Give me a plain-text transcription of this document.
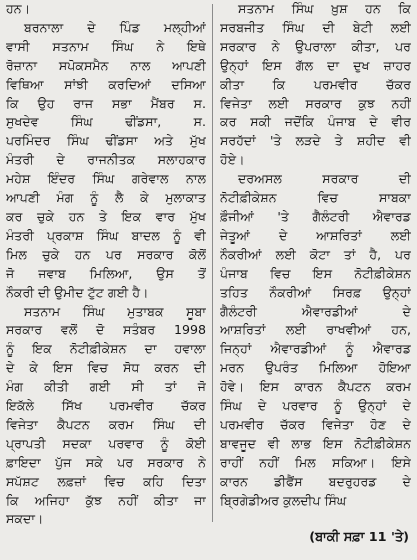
ਹਨ।
ਬਰਨਾਲਾ ਦੇ ਪਿੰਡ ਮਲ੍ਹੀਆਂ
ਵਾਸੀ ਸਤਨਾਮ ਸਿੰਘ ਨੇ ਇਥੇ
ਰੋਜ਼ਾਨਾ ਸਪੋਕਸਮੈਨ ਨਾਲ ਆਪਣੀ
ਵਿਥਿਆ ਸਾਂਝੀ ਕਰਦਿਆਂ ਦਸਿਆ
ਕਿ ਉਹ ਰਾਜ ਸਭਾ ਮੈਂਬਰ ਸ.
ਸੁਖਦੇਵ ਸਿੰਘ ਢੀਂਡਸਾ, ਸ.
ਪਰਮਿੰਦਰ ਸਿੰਘ ਢੀਂਡਸਾ ਅਤੇ ਮੁੱਖ
ਮੰਤਰੀ ਦੇ ਰਾਜਨੀਤਕ ਸਲਾਹਕਾਰ
ਮਹੇਸ਼ ਇੰਦਰ ਸਿੰਘ ਗਰੇਵਾਲ ਨਾਲ
ਆਪਣੀ ਮੰਗ ਨੂੰ ਲੈ ਕੇ ਮੁਲਾਕਾਤ
ਕਰ ਚੁਕੇ ਹਨ ਤੇ ਇਕ ਵਾਰ ਮੁੱਖ
ਮੰਤਰੀ ਪ੍ਰਕਾਸ਼ ਸਿੰਘ ਬਾਦਲ ਨੂੰ ਵੀ
ਮਿਲ ਚੁਕੇ ਹਨ ਪਰ ਸਰਕਾਰ ਕੋਲੋਂ
ਜੋ ਜਵਾਬ ਮਿਲਿਆ, ਉਸ ਤੋਂ
ਨੌਕਰੀ ਦੀ ਉਮੀਦ ਟੁੱਟ ਗਈ ਹੈ।
ਸਤਨਾਮ ਸਿੰਘ ਮੁਤਾਬਕ ਸੂਬਾ
ਸਰਕਾਰ ਵਲੋਂ ਦੋ ਸਤੰਬਰ 1998
ਨੂੰ ਇਕ ਨੋਟੀਫ਼ੀਕੇਸ਼ਨ ਦਾ ਹਵਾਲਾ
ਦੇ ਕੇ ਇਸ ਵਿਚ ਸੋਧ ਕਰਨ ਦੀ
ਮੰਗ ਕੀਤੀ ਗਈ ਸੀ ਤਾਂ ਜੋ
ਇਕੱਲੇ ਸਿੱਖ ਪਰਮਵੀਰ ਚੱਕਰ
ਵਿਜੇਤਾ ਕੈਪਟਨ ਕਰਮ ਸਿੰਘ ਦੀ
ਪ੍ਰਾਪਤੀ ਸਦਕਾ ਪਰਵਾਰ ਨੂੰ ਕੋਈ
ਫ਼ਾਇਦਾ ਪੁੱਜ ਸਕੇ ਪਰ ਸਰਕਾਰ ਨੇ
ਸਪੱਸ਼ਟ ਲਫ਼ਜ਼ਾਂ ਵਿਚ ਕਹਿ ਦਿਤਾ
ਕਿ ਅਜਿਹਾ ਕੁੱਝ ਨਹੀਂ ਕੀਤਾ ਜਾ
ਸਕਦਾ।
ਸਤਨਾਮ ਸਿੰਘ ਖ਼ੁਸ਼ ਹਨ ਕਿ
ਸਰਬਜੀਤ ਸਿੰਘ ਦੀ ਬੇਟੀ ਲਈ
ਸਰਕਾਰ ਨੇ ਉਪਰਾਲਾ ਕੀਤਾ, ਪਰ
ਉਨ੍ਹਾਂ ਇਸ ਗੱਲ ਦਾ ਦੁਖ ਜ਼ਾਹਰ
ਕੀਤਾ ਕਿ ਪਰਮਵੀਰ ਚੱਕਰ
ਵਿਜੇਤਾ ਲਈ ਸਰਕਾਰ ਕੁਝ ਨਹੀਂ
ਕਰ ਸਕੀ ਜਦੋਂਕਿ ਪੰਜਾਬ ਦੇ ਵੀਰ
ਸਰਹੱਦਾਂ 'ਤੇ ਲੜਦੇ ਤੇ ਸ਼ਹੀਦ ਵੀ
ਹੋਏ।
ਦਰਅਸਲ ਸਰਕਾਰ ਦੀ
ਨੋਟੀਫ਼ੀਕੇਸ਼ਨ ਵਿਚ ਸਾਬਕਾ
ਫ਼ੌਜੀਆਂ 'ਤੇ ਗੈਲੰਟਰੀ ਐਵਾਰਡ
ਜੇਤੂਆਂ ਦੇ ਆਸ਼ਰਿਤਾਂ ਲਈ
ਨੌਕਰੀਆਂ ਲਈ ਕੋਟਾ ਤਾਂ ਹੈ, ਪਰ
ਪੰਜਾਬ ਵਿਚ ਇਸ ਨੋਟੀਫ਼ੀਕੇਸ਼ਨ
ਤਹਿਤ ਨੌਕਰੀਆਂ ਸਿਰਫ਼ ਉਨ੍ਹਾਂ
ਗੈਲੰਟਰੀ ਐਵਾਰਡੀਆਂ ਦੇ
ਆਸ਼ਰਿਤਾਂ ਲਈ ਰਾਖਵੀਆਂ ਹਨ,
ਜਿਨ੍ਹਾਂ ਐਵਾਰਡੀਆਂ ਨੂੰ ਐਵਾਰਡ
ਮਰਨ ਉਪਰੰਤ ਮਿਲਿਆ ਹੋਇਆ
ਹੋਵੇ। ਇਸ ਕਾਰਨ ਕੈਪਟਨ ਕਰਮ
ਸਿੰਘ ਦੇ ਪਰਵਾਰ ਨੂੰ ਉਨ੍ਹਾਂ ਦੇ
ਪਰਮਵੀਰ ਚੱਕਰ ਵਿਜੇਤਾ ਹੋਣ ਦੇ
ਬਾਵਜੂਦ ਵੀ ਲਾਭ ਇਸ ਨੋਟੀਫ਼ੀਕੇਸ਼ਨ
ਰਾਹੀਂ ਨਹੀਂ ਮਿਲ ਸਕਿਆ। ਇਸੇ
ਕਾਰਨ ਡੀਫੈਂਸ ਬਦਰੁਹਰਡ ਦੇ
ਬ੍ਰਿਗੇਡੀਅਰ ਕੁਲਦੀਪ ਸਿੰਘ
(ਬਾਕੀ ਸਫ਼ਾ 11 'ਤੇ)
